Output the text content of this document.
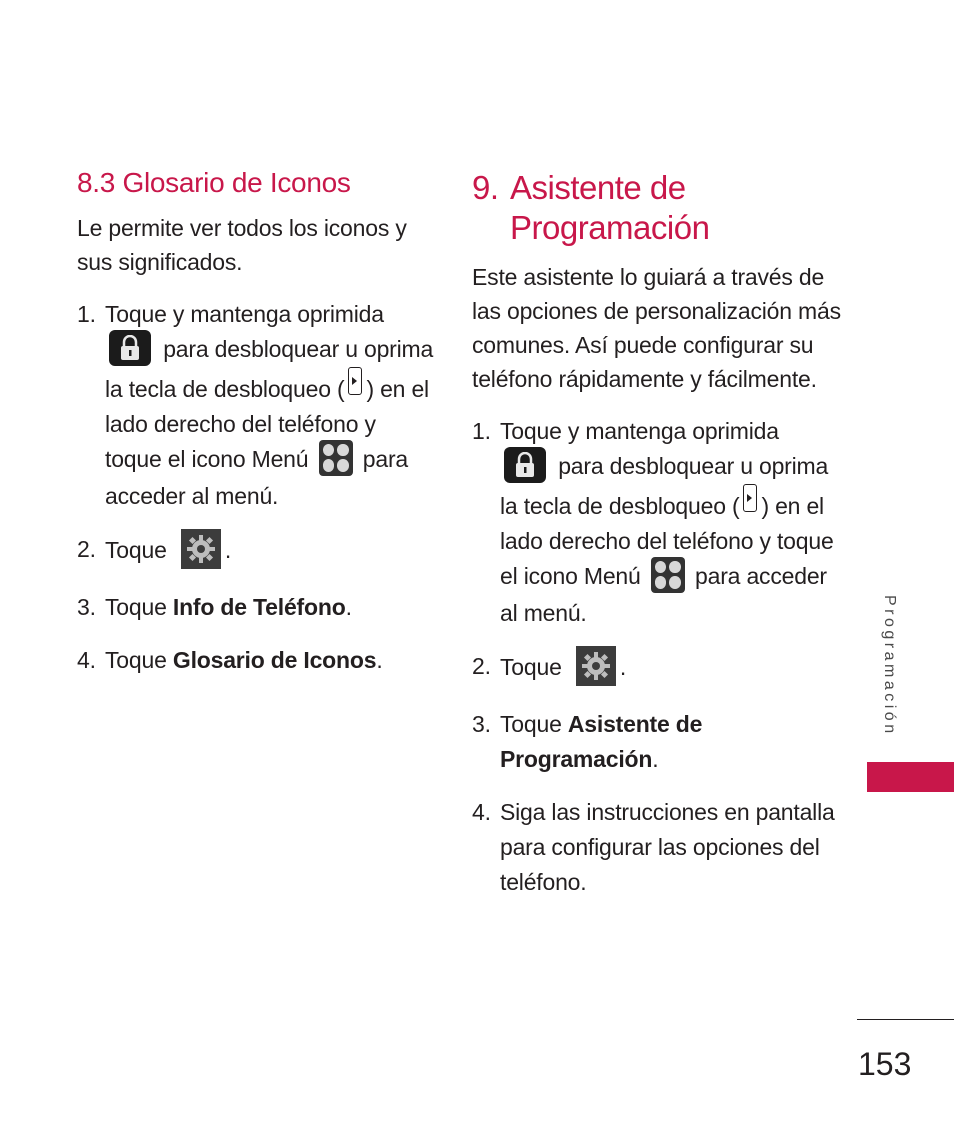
8.3 Glosario de Iconos

Le permite ver todos los iconos y sus significados.

1. Toque y mantenga oprimida

para desbloquear u oprima la tecla de desbloqueo ( ) en el lado derecho del teléfono y toque el icono Menú para acceder al menú.
2. Toque	.
3. Toque Info de Teléfono.
4. Toque Glosario de Iconos.
9. Asistente de
Programación

Este asistente lo guiará a través de las opciones de personalización más comunes. Así puede configurar su teléfono rápidamente y fácilmente.

1. Toque y mantenga oprimida

para desbloquear u oprima la tecla de desbloqueo ( ) en el lado derecho del teléfono y toque el icono Menú para acceder al menú.
2. Toque	.
3. Toque Asistente de Programación.
4. Siga las instrucciones en pantalla para configurar las opciones del teléfono.
Programación
153
